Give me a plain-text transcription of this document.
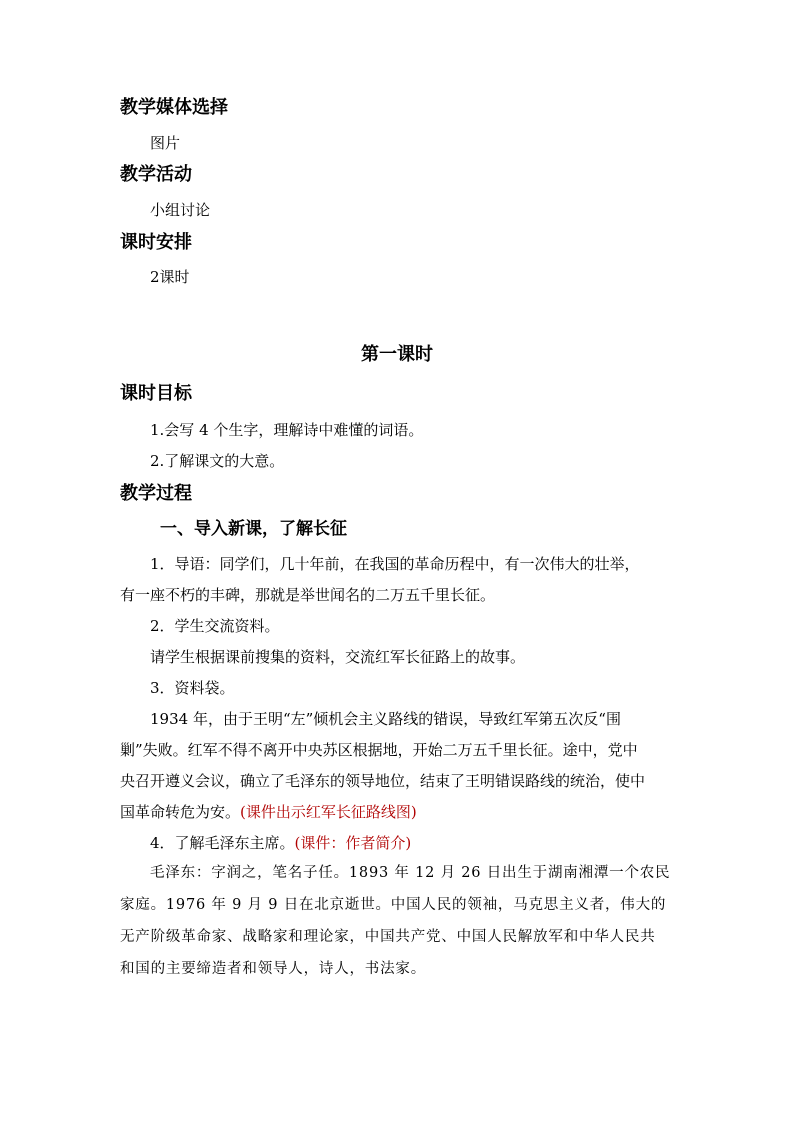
教学媒体选择
图片
教学活动
小组讨论
课时安排
2课时
第一课时
课时目标
1.会写 4 个生字，理解诗中难懂的词语。
2.了解课文的大意。
教学过程
一、导入新课，了解长征
1．导语：同学们，几十年前，在我国的革命历程中，有一次伟大的壮举，
有一座不朽的丰碑，那就是举世闻名的二万五千里长征。
2．学生交流资料。
请学生根据课前搜集的资料，交流红军长征路上的故事。
3．资料袋。
1934 年，由于王明“左”倾机会主义路线的错误，导致红军第五次反“围
剿”失败。红军不得不离开中央苏区根据地，开始二万五千里长征。途中，党中
央召开遵义会议，确立了毛泽东的领导地位，结束了王明错误路线的统治，使中
国革命转危为安。(课件出示红军长征路线图)
4．了解毛泽东主席。(课件：作者简介)
毛泽东：字润之，笔名子任。1893 年 12 月 26 日出生于湖南湘潭一个农民
家庭。1976 年 9 月 9 日在北京逝世。中国人民的领袖，马克思主义者，伟大的
无产阶级革命家、战略家和理论家，中国共产党、中国人民解放军和中华人民共
和国的主要缔造者和领导人，诗人，书法家。
